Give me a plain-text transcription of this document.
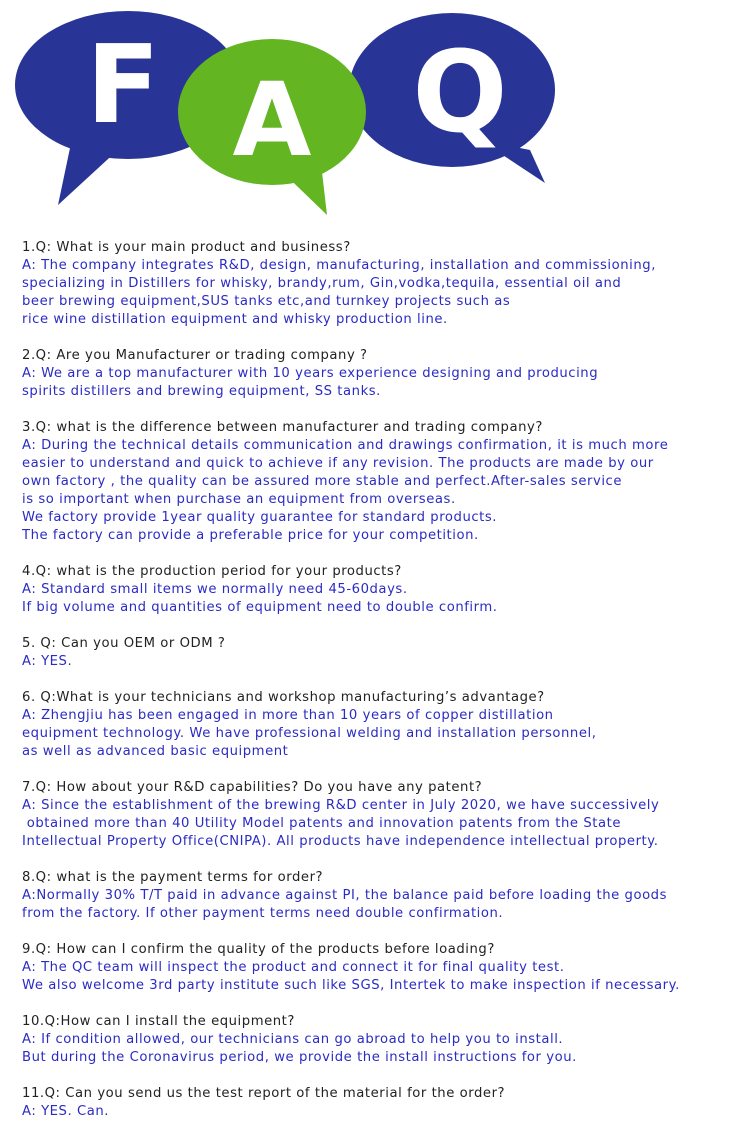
F Q
A
1.Q: What is your main product and business?
A: The company integrates R&D, design, manufacturing, installation and commissioning,
specializing in Distillers for whisky, brandy,rum, Gin,vodka,tequila, essential oil and
beer brewing equipment,SUS tanks etc,and turnkey projects such as
rice wine distillation equipment and whisky production line.
2.Q: Are you Manufacturer or trading company ?
A: We are a top manufacturer with 10 years experience designing and producing
spirits distillers and brewing equipment, SS tanks.
3.Q: what is the difference between manufacturer and trading company?
A: During the technical details communication and drawings confirmation, it is much more
easier to understand and quick to achieve if any revision. The products are made by our
own factory , the quality can be assured more stable and perfect.After-sales service
is so important when purchase an equipment from overseas.
We factory provide 1year quality guarantee for standard products.
The factory can provide a preferable price for your competition.
4.Q: what is the production period for your products?
A: Standard small items we normally need 45-60days.
If big volume and quantities of equipment need to double confirm.
5. Q: Can you OEM or ODM ?
A: YES.
6. Q:What is your technicians and workshop manufacturing’s advantage?
A: Zhengjiu has been engaged in more than 10 years of copper distillation
equipment technology. We have professional welding and installation personnel,
as well as advanced basic equipment
7.Q: How about your R&D capabilities? Do you have any patent?
A: Since the establishment of the brewing R&D center in July 2020, we have successively
obtained more than 40 Utility Model patents and innovation patents from the State
Intellectual Property Office(CNIPA). All products have independence intellectual property.
8.Q: what is the payment terms for order?
A:Normally 30% T/T paid in advance against PI, the balance paid before loading the goods
from the factory. If other payment terms need double confirmation.
9.Q: How can I confirm the quality of the products before loading?
A: The QC team will inspect the product and connect it for final quality test.
We also welcome 3rd party institute such like SGS, Intertek to make inspection if necessary.
10.Q:How can I install the equipment?
A: If condition allowed, our technicians can go abroad to help you to install.
But during the Coronavirus period, we provide the install instructions for you.
11.Q: Can you send us the test report of the material for the order?
A: YES. Can.
